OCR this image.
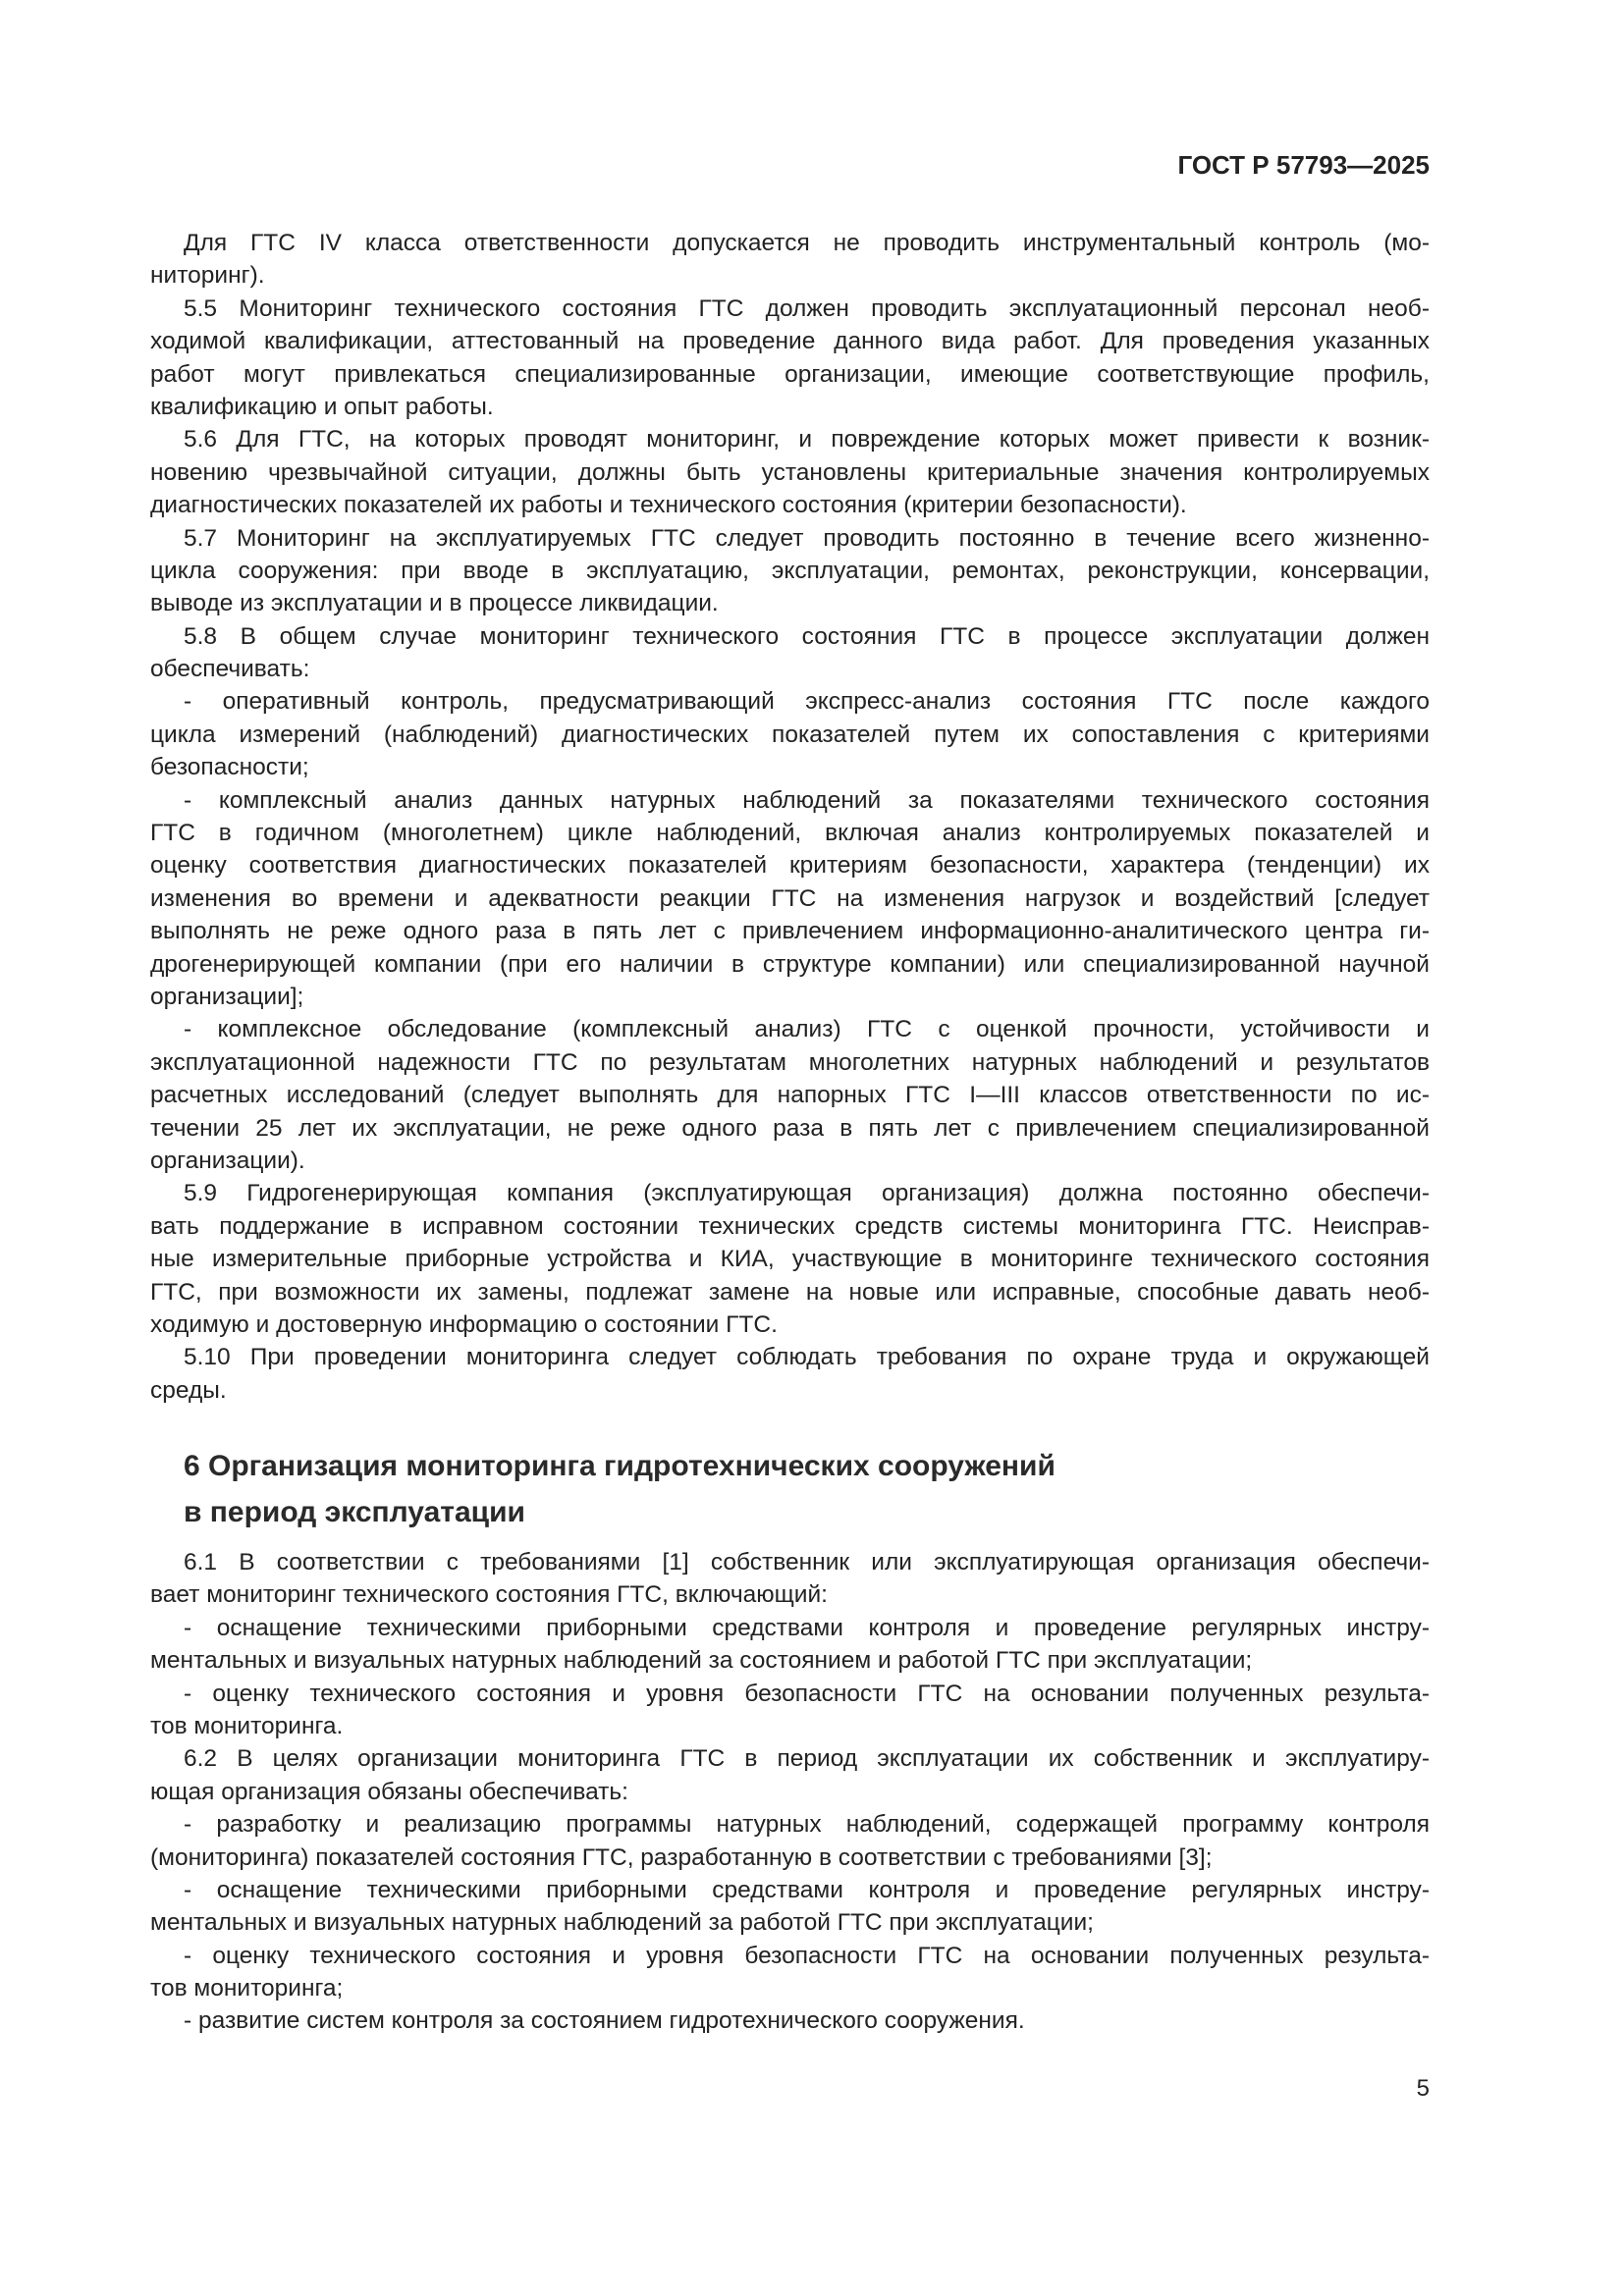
ГОСТ Р 57793—2025
Для ГТС IV класса ответственности допускается не проводить инструментальный контроль (мо-
ниторинг).
5.5 Мониторинг технического состояния ГТС должен проводить эксплуатационный персонал необ-
ходимой квалификации, аттестованный на проведение данного вида работ. Для проведения указанных
работ могут привлекаться специализированные организации, имеющие соответствующие профиль,
квалификацию и опыт работы.
5.6 Для ГТС, на которых проводят мониторинг, и повреждение которых может привести к возник-
новению чрезвычайной ситуации, должны быть установлены критериальные значения контролируемых
диагностических показателей их работы и технического состояния (критерии безопасности).
5.7 Мониторинг на эксплуатируемых ГТС следует проводить постоянно в течение всего жизненно-
цикла сооружения: при вводе в эксплуатацию, эксплуатации, ремонтах, реконструкции, консервации,
выводе из эксплуатации и в процессе ликвидации.
5.8 В общем случае мониторинг технического состояния ГТС в процессе эксплуатации должен
обеспечивать:
- оперативный контроль, предусматривающий экспресс-анализ состояния ГТС после каждого
цикла измерений (наблюдений) диагностических показателей путем их сопоставления с критериями
безопасности;
- комплексный анализ данных натурных наблюдений за показателями технического состояния
ГТС в годичном (многолетнем) цикле наблюдений, включая анализ контролируемых показателей и
оценку соответствия диагностических показателей критериям безопасности, характера (тенденции) их
изменения во времени и адекватности реакции ГТС на изменения нагрузок и воздействий [следует
выполнять не реже одного раза в пять лет с привлечением информационно-аналитического центра ги-
дрогенерирующей компании (при его наличии в структуре компании) или специализированной научной
организации];
- комплексное обследование (комплексный анализ) ГТС с оценкой прочности, устойчивости и
эксплуатационной надежности ГТС по результатам многолетних натурных наблюдений и результатов
расчетных исследований (следует выполнять для напорных ГТС I—III классов ответственности по ис-
течении 25 лет их эксплуатации, не реже одного раза в пять лет с привлечением специализированной
организации).
5.9 Гидрогенерирующая компания (эксплуатирующая организация) должна постоянно обеспечи-
вать поддержание в исправном состоянии технических средств системы мониторинга ГТС. Неисправ-
ные измерительные приборные устройства и КИА, участвующие в мониторинге технического состояния
ГТС, при возможности их замены, подлежат замене на новые или исправные, способные давать необ-
ходимую и достоверную информацию о состоянии ГТС.
5.10 При проведении мониторинга следует соблюдать требования по охране труда и окружающей
среды.
6 Организация мониторинга гидротехнических сооружений
в период эксплуатации
6.1 В соответствии с требованиями [1] собственник или эксплуатирующая организация обеспечи-
вает мониторинг технического состояния ГТС, включающий:
- оснащение техническими приборными средствами контроля и проведение регулярных инстру-
ментальных и визуальных натурных наблюдений за состоянием и работой ГТС при эксплуатации;
- оценку технического состояния и уровня безопасности ГТС на основании полученных результа-
тов мониторинга.
6.2 В целях организации мониторинга ГТС в период эксплуатации их собственник и эксплуатиру-
ющая организация обязаны обеспечивать:
- разработку и реализацию программы натурных наблюдений, содержащей программу контроля
(мониторинга) показателей состояния ГТС, разработанную в соответствии с требованиями [3];
- оснащение техническими приборными средствами контроля и проведение регулярных инстру-
ментальных и визуальных натурных наблюдений за работой ГТС при эксплуатации;
- оценку технического состояния и уровня безопасности ГТС на основании полученных результа-
тов мониторинга;
- развитие систем контроля за состоянием гидротехнического сооружения.
5
